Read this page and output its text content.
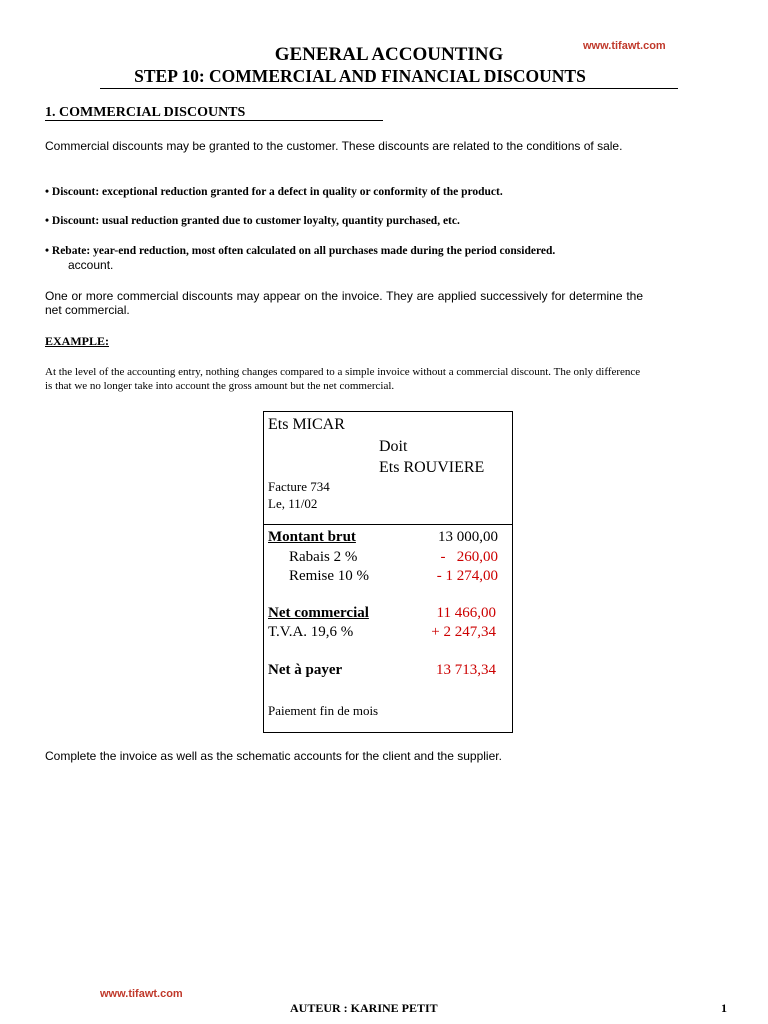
www.tifawt.com
GENERAL ACCOUNTING
STEP 10: COMMERCIAL AND FINANCIAL DISCOUNTS
1. COMMERCIAL DISCOUNTS
Commercial discounts may be granted to the customer. These discounts are related to the conditions of sale.
• Discount: exceptional reduction granted for a defect in quality or conformity of the product.
• Discount: usual reduction granted due to customer loyalty, quantity purchased, etc.
• Rebate: year-end reduction, most often calculated on all purchases made during the period considered.
account.
One or more commercial discounts may appear on the invoice. They are applied successively for determine the net commercial.
EXAMPLE:
At the level of the accounting entry, nothing changes compared to a simple invoice without a commercial discount. The only difference is that we no longer take into account the gross amount but the net commercial.
Ets MICAR
Doit
Ets ROUVIERE
Facture 734
Le, 11/02
Montant brut	13 000,00
Rabais 2 %	-   260,00
Remise 10 %	- 1 274,00
Net commercial	11 466,00
T.V.A. 19,6 %	+ 2 247,34
Net à payer	13 713,34
Paiement fin de mois
Complete the invoice as well as the schematic accounts for the client and the supplier.
www.tifawt.com
AUTEUR : KARINE PETIT	1
